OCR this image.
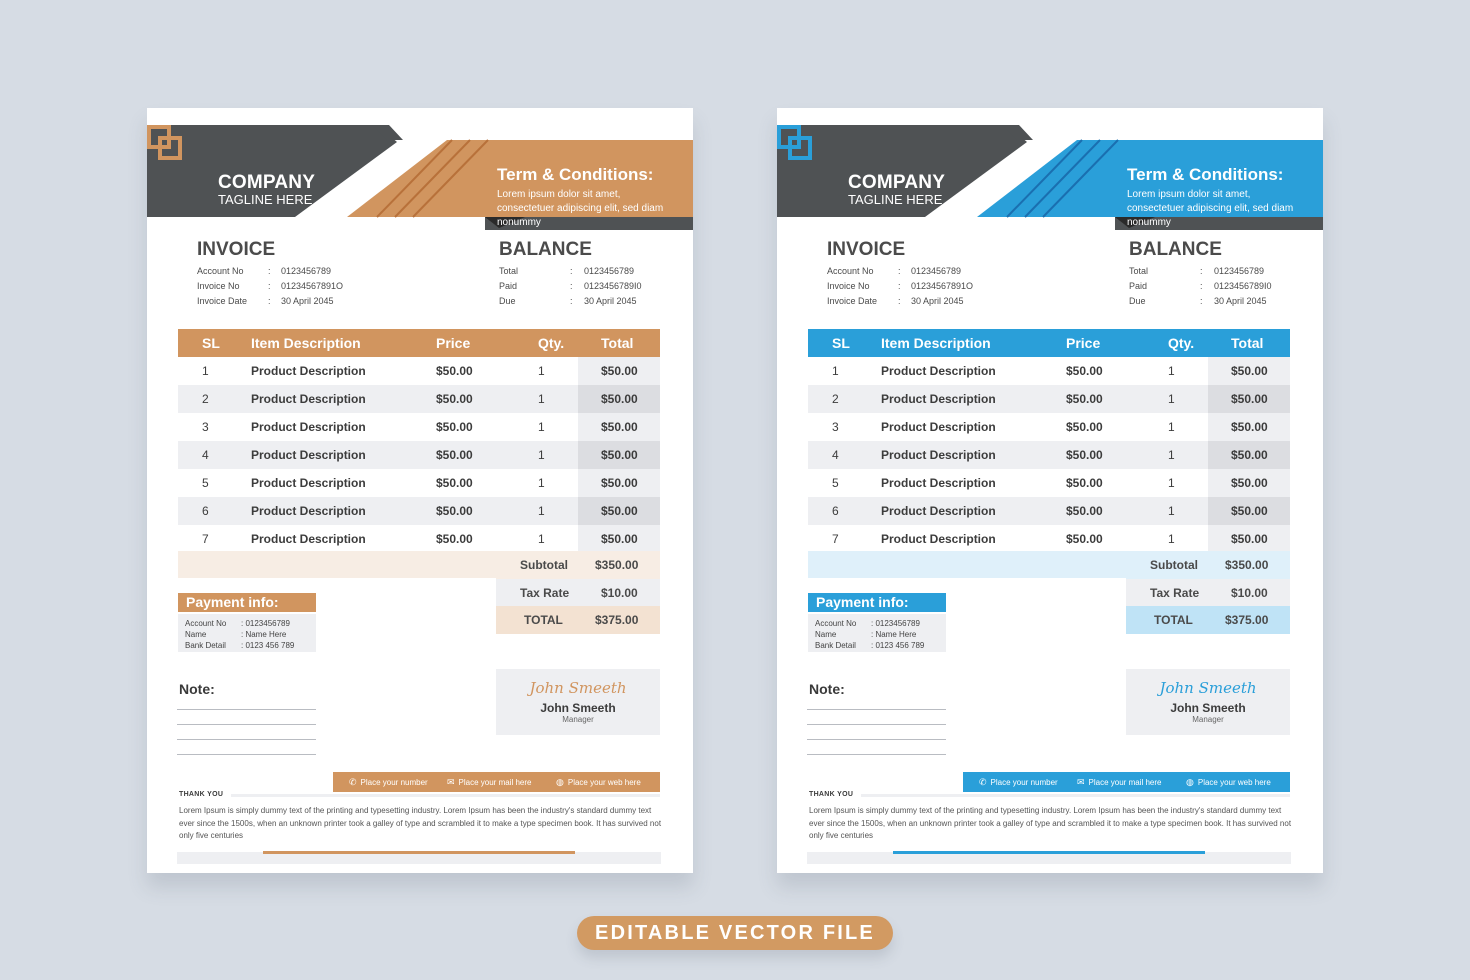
COMPANY
TAGLINE HERE
Term & Conditions:
Lorem ipsum dolor sit amet, consectetuer adipiscing elit, sed diam nonummy
INVOICE
Account No	: 0123456789
Invoice No	: 01234567891O
Invoice Date : 30 April 2045
BALANCE
Total	: 0123456789
Paid	: 0123456789I0
Due	: 30 April 2045
SL Item Description	Price	Qty.	Total
1	Product Description	$50.00	1	$50.00
2	Product Description	$50.00	1	$50.00
3	Product Description	$50.00	1	$50.00
4	Product Description	$50.00	1	$50.00
5	Product Description	$50.00	1	$50.00
6	Product Description	$50.00	1	$50.00
7	Product Description	$50.00	1	$50.00
Subtotal $350.00
Tax Rate	$10.00
TOTAL	$375.00
Payment info:
Account No : 0123456789
Name	: Name Here
Bank Detail : 0123 456 789
Note:	John Smeeth
John Smeeth
Manager
✆ Place your number ✉ Place your mail here	◍ Place your web here
THANK YOU
Lorem Ipsum is simply dummy text of the printing and typesetting industry. Lorem Ipsum has been the industry's standard dummy text ever since the 1500s, when an unknown printer took a galley of type and scrambled it to make a type specimen book. It has survived not only five centuries
COMPANY
TAGLINE HERE
Term & Conditions:
Lorem ipsum dolor sit amet, consectetuer adipiscing elit, sed diam nonummy
INVOICE
Account No	: 0123456789
Invoice No	: 01234567891O
Invoice Date : 30 April 2045
BALANCE
Total	: 0123456789
Paid	: 0123456789I0
Due	: 30 April 2045
SL Item Description	Price	Qty.	Total
1	Product Description	$50.00	1	$50.00
2	Product Description	$50.00	1	$50.00
3	Product Description	$50.00	1	$50.00
4	Product Description	$50.00	1	$50.00
5	Product Description	$50.00	1	$50.00
6	Product Description	$50.00	1	$50.00
7	Product Description	$50.00	1	$50.00
Subtotal $350.00
Tax Rate	$10.00
TOTAL	$375.00
Payment info:
Account No : 0123456789
Name	: Name Here
Bank Detail : 0123 456 789
Note:	John Smeeth
John Smeeth
Manager
✆ Place your number ✉ Place your mail here	◍ Place your web here
THANK YOU
Lorem Ipsum is simply dummy text of the printing and typesetting industry. Lorem Ipsum has been the industry's standard dummy text ever since the 1500s, when an unknown printer took a galley of type and scrambled it to make a type specimen book. It has survived not only five centuries
EDITABLE VECTOR FILE
